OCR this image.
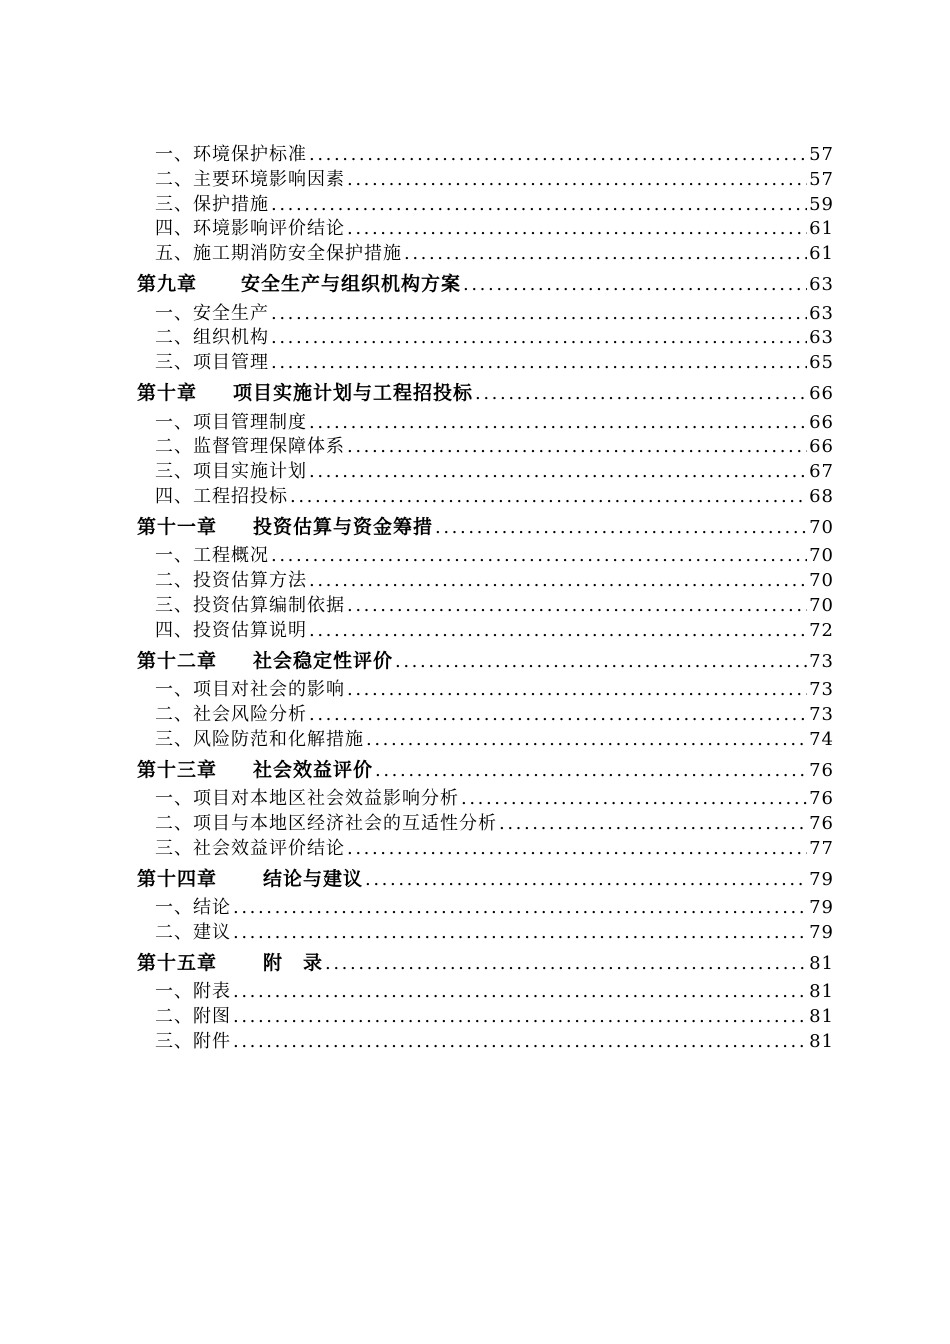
一、环境保护标准 .....	57
二、主要环境影响因素 .....	57
三、保护措施 .....	59
四、环境影响评价结论 .....	61
五、施工期消防安全保护措施 .....	61
第九章 安全生产与组织机构方案 .....	63
一、安全生产 .....	63
二、组织机构 .....	63
三、项目管理 .....	65
第十章 项目实施计划与工程招投标 .....	66
一、项目管理制度 .....	66
二、监督管理保障体系 .....	66
三、项目实施计划 .....	67
四、工程招投标 .....	68
第十一章 投资估算与资金筹措 .....	70
一、工程概况 .....	70
二、投资估算方法 .....	70
三、投资估算编制依据 .....	70
四、投资估算说明 .....	72
第十二章 社会稳定性评价 .....	73
一、项目对社会的影响 .....	73
二、社会风险分析 .....	73
三、风险防范和化解措施 .....	74
第十三章 社会效益评价 .....	76
一、项目对本地区社会效益影响分析 .....	76
二、项目与本地区经济社会的互适性分析 .....	76
三、社会效益评价结论 .....	77
第十四章 结论与建议 .....	79
一、结论 .....	79
二、建议 .....	79
第十五章 附　录 .....	81
一、附表 .....	81
二、附图 .....	81
三、附件 .....	81
